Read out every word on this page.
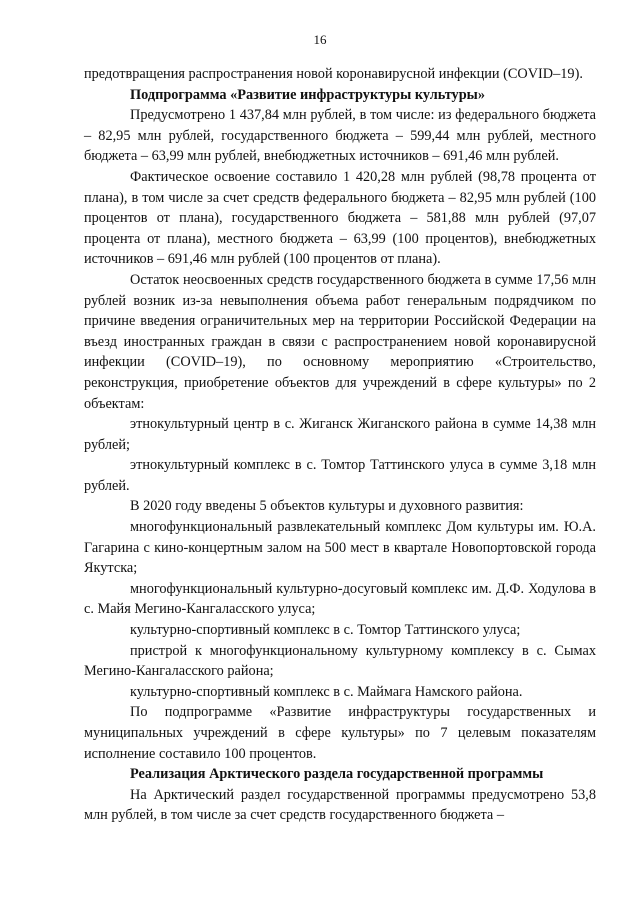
16

предотвращения распространения новой коронавирусной инфекции (COVID–19).

Подпрограмма «Развитие инфраструктуры культуры»

Предусмотрено 1 437,84 млн рублей, в том числе: из федерального бюджета – 82,95 млн рублей, государственного бюджета – 599,44 млн рублей, местного бюджета – 63,99 млн рублей, внебюджетных источников – 691,46 млн рублей.

Фактическое освоение составило 1 420,28 млн рублей (98,78 процента от плана), в том числе за счет средств федерального бюджета – 82,95 млн рублей (100 процентов от плана), государственного бюджета – 581,88 млн рублей (97,07 процента от плана), местного бюджета – 63,99 (100 процентов), внебюджетных источников – 691,46 млн рублей (100 процентов от плана).

Остаток неосвоенных средств государственного бюджета в сумме 17,56 млн рублей возник из-за невыполнения объема работ генеральным подрядчиком по причине введения ограничительных мер на территории Российской Федерации на въезд иностранных граждан в связи с распространением новой коронавирусной инфекции (COVID–19), по основному мероприятию «Строительство, реконструкция, приобретение объектов для учреждений в сфере культуры» по 2 объектам:

этнокультурный центр в с. Жиганск Жиганского района в сумме 14,38 млн рублей;

этнокультурный комплекс в с. Томтор Таттинского улуса в сумме 3,18 млн рублей.

В 2020 году введены 5 объектов культуры и духовного развития:

многофункциональный развлекательный комплекс Дом культуры им. Ю.А. Гагарина с кино-концертным залом на 500 мест в квартале Новопортовской города Якутска;

многофункциональный культурно-досуговый комплекс им. Д.Ф. Ходулова в с. Майя Мегино-Кангаласского улуса;

культурно-спортивный комплекс в с. Томтор Таттинского улуса;

пристрой к многофункциональному культурному комплексу в с. Сымах Мегино-Кангаласского района;

культурно-спортивный комплекс в с. Маймага Намского района.

По подпрограмме «Развитие инфраструктуры государственных и муниципальных учреждений в сфере культуры» по 7 целевым показателям исполнение составило 100 процентов.

Реализация Арктического раздела государственной программы

На Арктический раздел государственной программы предусмотрено 53,8 млн рублей, в том числе за счет средств государственного бюджета –
